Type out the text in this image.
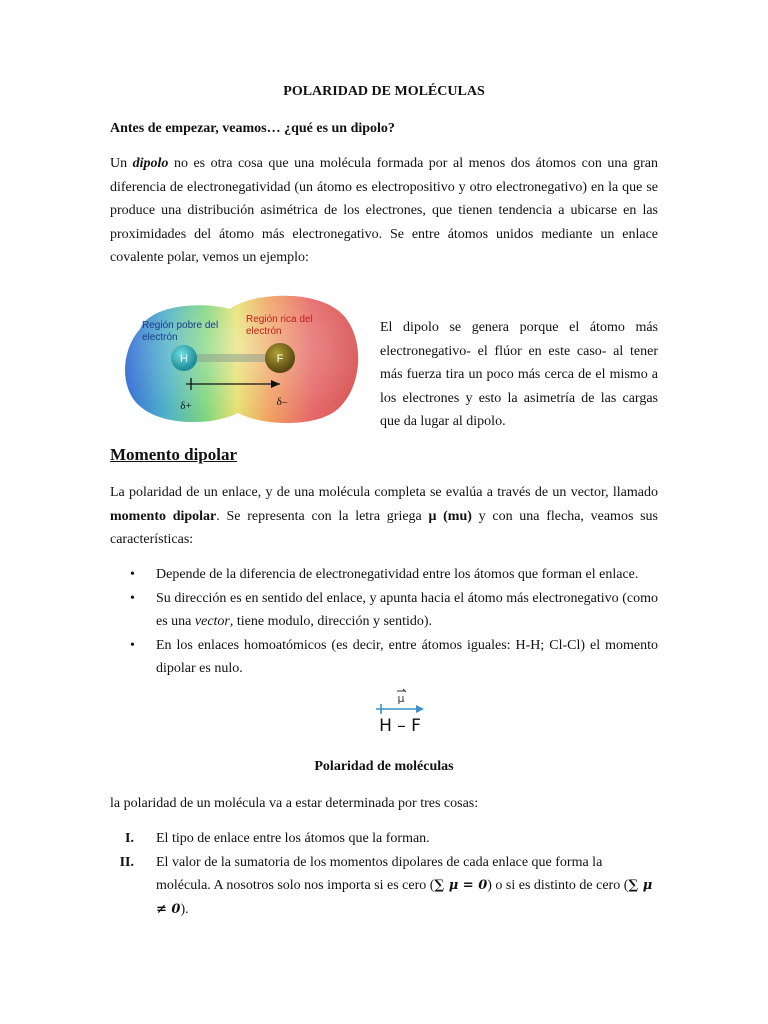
POLARIDAD DE MOLÉCULAS
Antes de empezar, veamos… ¿qué es un dipolo?
Un dipolo no es otra cosa que una molécula formada por al menos dos átomos con una gran diferencia de electronegatividad (un átomo es electropositivo y otro electronegativo) en la que se produce una distribución asimétrica de los electrones, que tienen tendencia a ubicarse en las proximidades del átomo más electronegativo. Se entre átomos unidos mediante un enlace covalente polar, vemos un ejemplo:
Región pobre del
electrón
Región rica del
electrón
H	F
δ+	δ–
El dipolo se genera porque el átomo más electronegativo- el flúor en este caso- al tener más fuerza tira un poco más cerca de el mismo a los electrones y esto la asimetría de las cargas que da lugar al dipolo.
Momento dipolar
La polaridad de un enlace, y de una molécula completa se evalúa a través de un vector, llamado momento dipolar. Se representa con la letra griega μ (mu) y con una flecha, veamos sus características:
• Depende de la diferencia de electronegatividad entre los átomos que forman el enlace.
• Su dirección es en sentido del enlace, y apunta hacia el átomo más electronegativo (como es una vector, tiene modulo, dirección y sentido).
• En los enlaces homoatómicos (es decir, entre átomos iguales: H-H; Cl-Cl) el momento dipolar es nulo.
μ
H – F
Polaridad de moléculas
la polaridad de un molécula va a estar determinada por tres cosas:
I. El tipo de enlace entre los átomos que la forman.
II. El valor de la sumatoria de los momentos dipolares de cada enlace que forma la molécula. A nosotros solo nos importa si es cero (∑ μ = 0) o si es distinto de cero (∑ μ ≠ 0).
